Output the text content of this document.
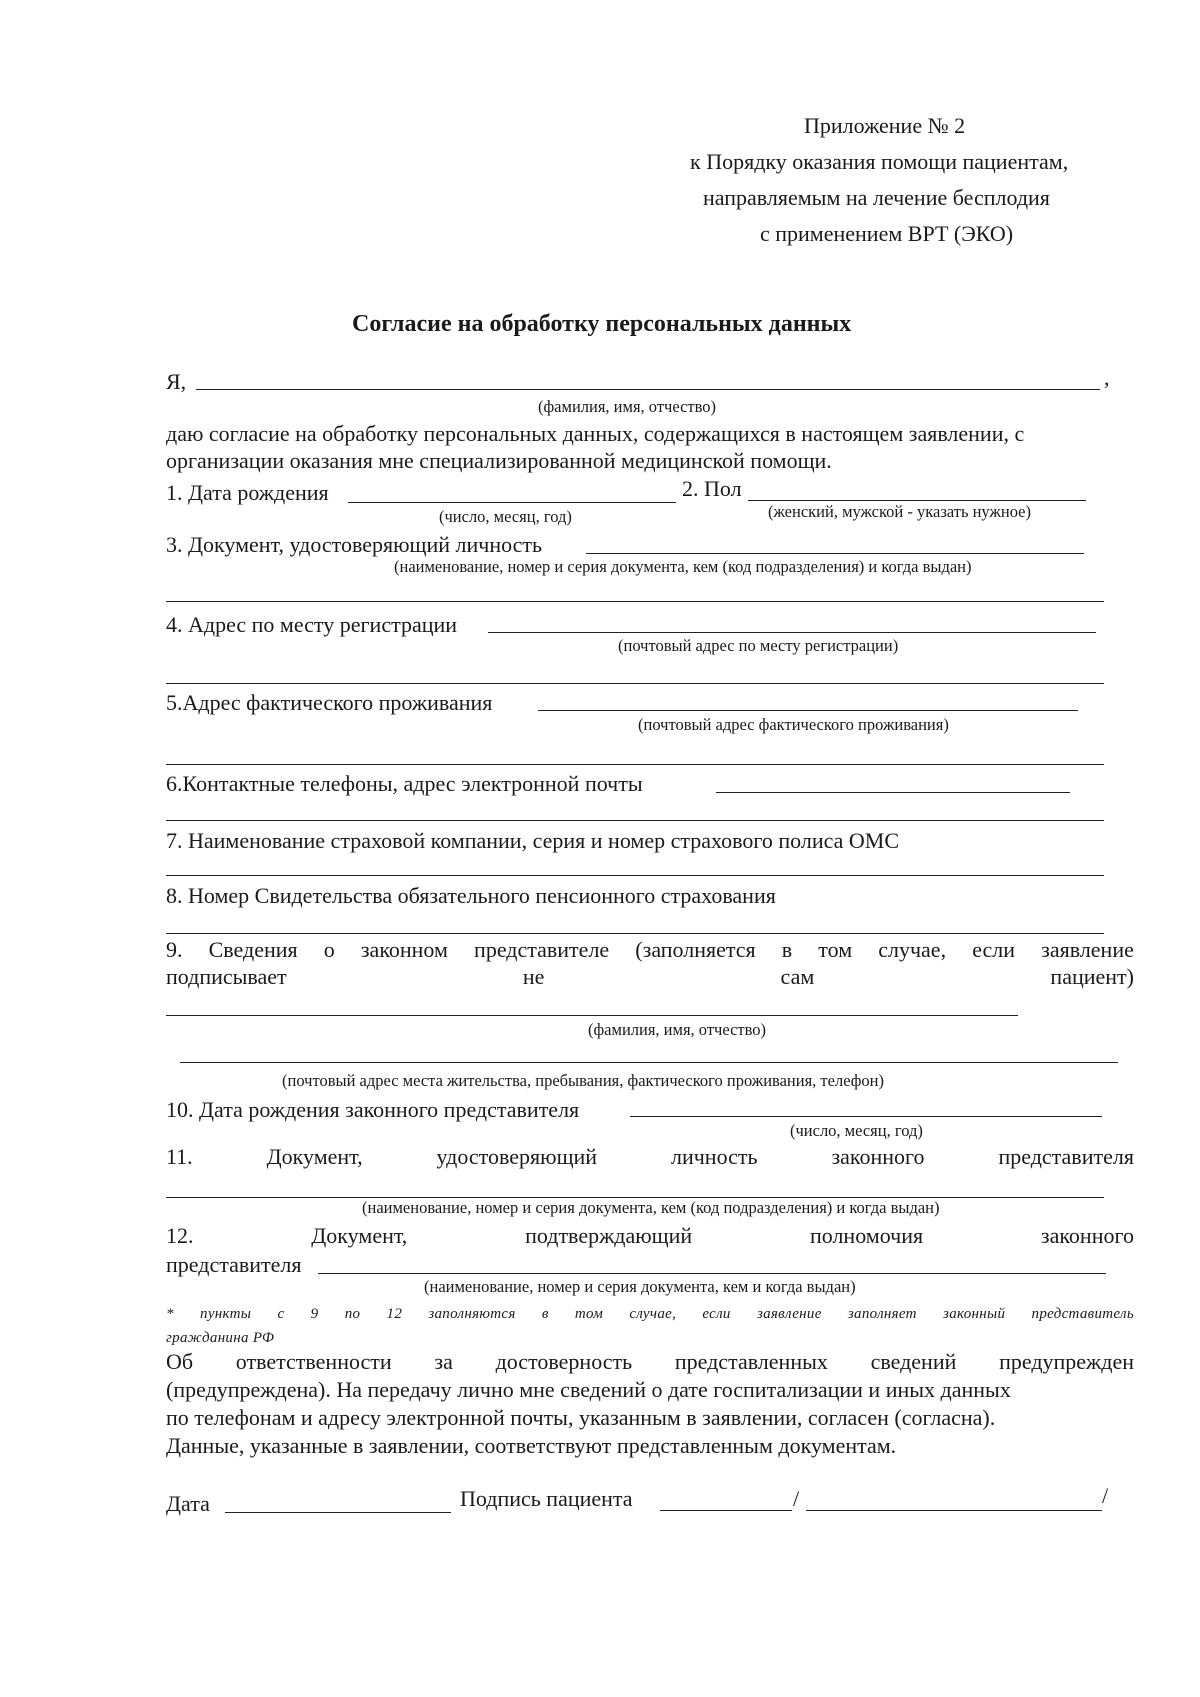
Приложение № 2
к Порядку оказания помощи пациентам,
направляемым на лечение бесплодия
с применением ВРТ (ЭКО)
Согласие на обработку персональных данных
Я,	,
(фамилия, имя, отчество)
даю согласие на обработку персональных данных, содержащихся в настоящем заявлении, с
организации оказания мне специализированной медицинской помощи.
1. Дата рождения	2. Пол
(число, месяц, год)	(женский, мужской - указать нужное)
3. Документ, удостоверяющий личность
(наименование, номер и серия документа, кем (код подразделения) и когда выдан)
4. Адрес по месту регистрации
(почтовый адрес по месту регистрации)
5.Адрес фактического проживания
(почтовый адрес фактического проживания)
6.Контактные телефоны, адрес электронной почты
7. Наименование страховой компании, серия и номер страхового полиса ОМС
8. Номер Свидетельства обязательного пенсионного страхования
9. Сведения о законном представителе (заполняется в том случае, если заявление
подписывает	не	сам	пациент)
(фамилия, имя, отчество)
(почтовый адрес места жительства, пребывания, фактического проживания, телефон)
10. Дата рождения законного представителя
(число, месяц, год)
11.	Документ,	удостоверяющий	личность	законного	представителя
(наименование, номер и серия документа, кем (код подразделения) и когда выдан)
12.	Документ,	подтверждающий	полномочия	законного
представителя
(наименование, номер и серия документа, кем и когда выдан)
* пункты с 9 по 12 заполняются в том случае, если заявление заполняет законный представитель
гражданина РФ
Об ответственности за достоверность представленных сведений предупрежден
(предупреждена). На передачу лично мне сведений о дате госпитализации и иных данных
по телефонам и адресу электронной почты, указанным в заявлении, согласен (согласна).
Данные, указанные в заявлении, соответствуют представленным документам.
Дата	Подпись пациента	/	/
